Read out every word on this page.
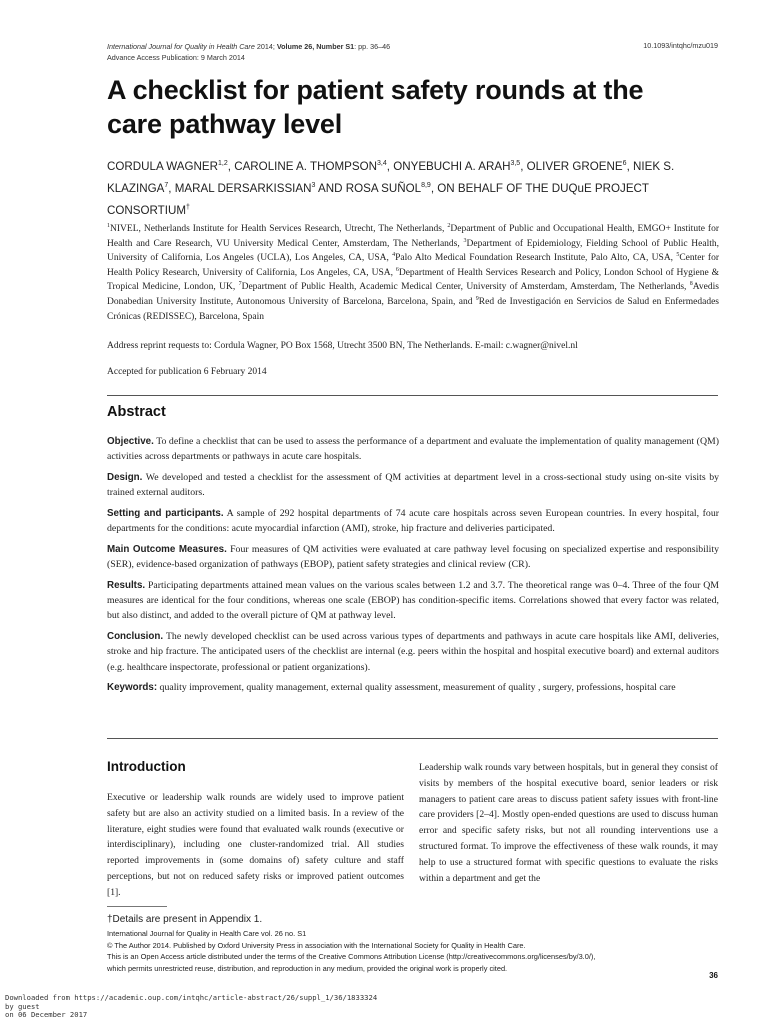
International Journal for Quality in Health Care 2014; Volume 26, Number S1: pp. 36–46
Advance Access Publication: 9 March 2014
10.1093/intqhc/mzu019
A checklist for patient safety rounds at the care pathway level
CORDULA WAGNER$^{1,2}$, CAROLINE A. THOMPSON$^{3,4}$, ONYEBUCHI A. ARAH$^{3,5}$, OLIVER GROENE$^6$, NIEK S. KLAZINGA$^7$, MARAL DERSARKISSIAN$^3$ AND ROSA SUÑOL$^{8,9}$, ON BEHALF OF THE DUQuE PROJECT CONSORTIUM†
$^1$NIVEL, Netherlands Institute for Health Services Research, Utrecht, The Netherlands, $^2$Department of Public and Occupational Health, EMGO+ Institute for Health and Care Research, VU University Medical Center, Amsterdam, The Netherlands, $^3$Department of Epidemiology, Fielding School of Public Health, University of California, Los Angeles (UCLA), Los Angeles, CA, USA, $^4$Palo Alto Medical Foundation Research Institute, Palo Alto, CA, USA, $^5$Center for Health Policy Research, University of California, Los Angeles, CA, USA, $^6$Department of Health Services Research and Policy, London School of Hygiene & Tropical Medicine, London, UK, $^7$Department of Public Health, Academic Medical Center, University of Amsterdam, Amsterdam, The Netherlands, $^8$Avedis Donabedian University Institute, Autonomous University of Barcelona, Barcelona, Spain, and $^9$Red de Investigación en Servicios de Salud en Enfermedades Crónicas (REDISSEC), Barcelona, Spain
Address reprint requests to: Cordula Wagner, PO Box 1568, Utrecht 3500 BN, The Netherlands. E-mail: c.wagner@nivel.nl
Accepted for publication 6 February 2014
Abstract

Objective. To define a checklist that can be used to assess the performance of a department and evaluate the implementation of quality management (QM) activities across departments or pathways in acute care hospitals.

Design. We developed and tested a checklist for the assessment of QM activities at department level in a cross-sectional study using on-site visits by trained external auditors.

Setting and participants. A sample of 292 hospital departments of 74 acute care hospitals across seven European countries. In every hospital, four departments for the conditions: acute myocardial infarction (AMI), stroke, hip fracture and deliveries participated.

Main Outcome Measures. Four measures of QM activities were evaluated at care pathway level focusing on specialized expertise and responsibility (SER), evidence-based organization of pathways (EBOP), patient safety strategies and clinical review (CR).

Results. Participating departments attained mean values on the various scales between 1.2 and 3.7. The theoretical range was 0–4. Three of the four QM measures are identical for the four conditions, whereas one scale (EBOP) has condition-specific items. Correlations showed that every factor was related, but also distinct, and added to the overall picture of QM at pathway level.

Conclusion. The newly developed checklist can be used across various types of departments and pathways in acute care hospitals like AMI, deliveries, stroke and hip fracture. The anticipated users of the checklist are internal (e.g. peers within the hospital and hospital executive board) and external auditors (e.g. healthcare inspectorate, professional or patient organizations).

Keywords: quality improvement, quality management, external quality assessment, measurement of quality , surgery, professions, hospital care

Introduction

Executive or leadership walk rounds are widely used to improve patient safety but are also an activity studied on a limited basis. In a review of the literature, eight studies were found that evaluated walk rounds (executive or interdisciplinary), including one cluster-randomized trial. All studies reported improvements in (some domains of) safety culture and staff perceptions, but not on reduced safety risks or improved patient outcomes [1].

Leadership walk rounds vary between hospitals, but in general they consist of visits by members of the hospital executive board, senior leaders or risk managers to patient care areas to discuss patient safety issues with front-line care providers [2–4]. Mostly open-ended questions are used to discuss human error and specific safety risks, but not all rounding interventions use a structured format. To improve the effectiveness of these walk rounds, it may help to use a structured format with specific questions to evaluate the risks within a department and get the

†Details are present in Appendix 1.

International Journal for Quality in Health Care vol. 26 no. S1

© The Author 2014. Published by Oxford University Press in association with the International Society for Quality in Health Care.

This is an Open Access article distributed under the terms of the Creative Commons Attribution License (http://creativecommons.org/licenses/by/3.0/),

which permits unrestricted reuse, distribution, and reproduction in any medium, provided the original work is properly cited.

36
Downloaded from https://academic.oup.com/intqhc/article-abstract/26/suppl_1/36/1833324
by guest
on 06 December 2017
